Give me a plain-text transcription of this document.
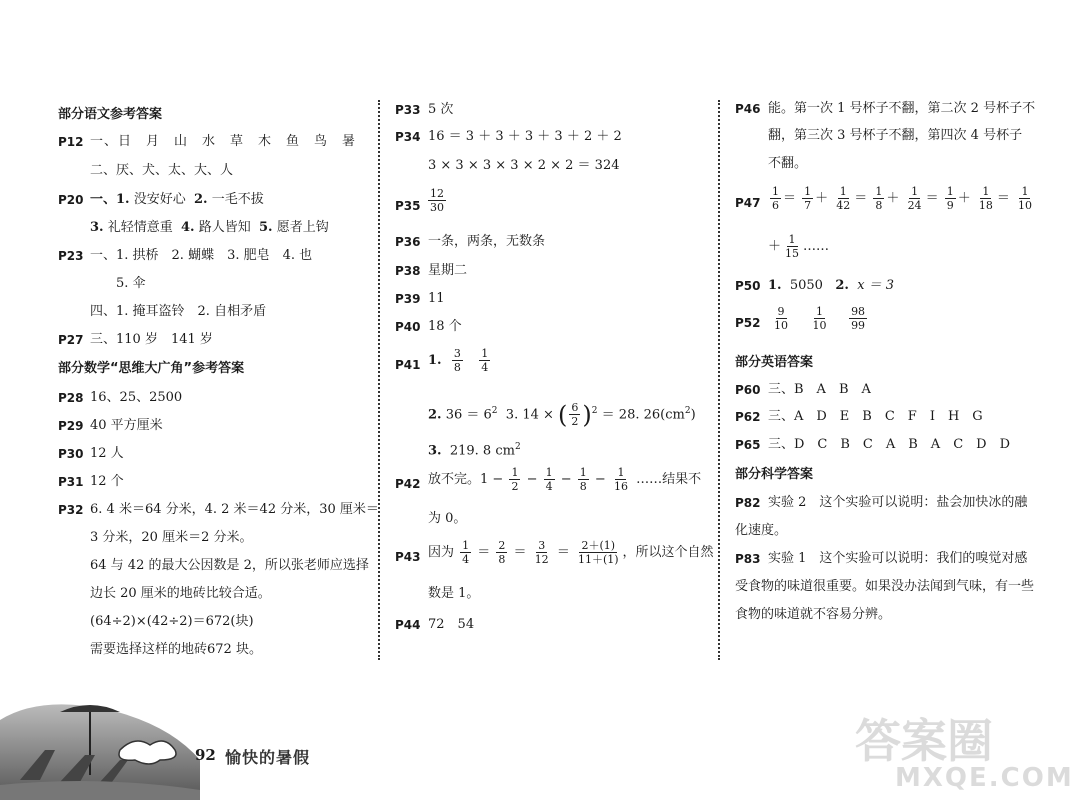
部分语文参考答案
P12 一、日　月　山　水　草　木　鱼　鸟　暑
二、厌、犬、太、大、人
P20 一、1. 没安好心 2. 一毛不拔
3. 礼轻情意重 4. 路人皆知 5. 愿者上钩
P23 一、1. 拱桥　2. 蝴蝶　3. 肥皂　4. 也
5. 伞
四、1. 掩耳盗铃　2. 自相矛盾
P27 三、110 岁　141 岁
部分数学“思维大广角”参考答案
P28 16、25、2500
P29 40 平方厘米
P30 12 人
P31 12 个
P32 6. 4 米＝64 分米，4. 2 米＝42 分米，30 厘米＝
3 分米，20 厘米＝2 分米。
64 与 42 的最大公因数是 2，所以张老师应选择
边长 20 厘米的地砖比较合适。
(64÷2)×(42÷2)＝672(块)
需要选择这样的地砖672 块。
P33 5 次
P34 16 ＝ 3 ＋ 3 ＋ 3 ＋ 3 ＋ 2 ＋ 2
3 × 3 × 3 × 3 × 2 × 2 ＝ 324
$P35 \frac{12}{30}$
P36 一条，两条，无数条
P38 星期二
P39 11
P40 18 个
P41 1. $\frac{3}{8}$
$\frac{1}{4}$
2. $36 = 6^2$ 3. 14 × ( $\frac{6}{2} )^2 = 28$. $26(cm^2)$
3. 219. 8 $cm^2$
P42 放不完。$1 - \frac{1}{2} - \frac{1}{4} - \frac{1}{8} - \frac{1}{16}$ ……结果不
为 0。
P43 因为 $\frac{1}{4} = \frac{2}{8} = \frac{3}{12} = \frac{2+(1)}{11+(1)}$ ，所以这个自然
数是 1。
P44 72　54
P46 能。第一次 1 号杯子不翻，第二次 2 号杯子不
翻，第三次 3 号杯子不翻，第四次 4 号杯子
不翻。
$P47 \frac{1}{6} = \frac{1}{7} + \frac{1}{42} = \frac{1}{8} + \frac{1}{24} = \frac{1}{9} + \frac{1}{18} = \frac{1}{10}$
＋ $\frac{1}{15}$ ……
P50 1. 5050 2. x ＝ 3
$P52 \frac{9}{10}$
$\frac{1}{10}$
$\frac{98}{99}$
部分英语答案
P60 三、B　A　B　A
P62 三、A　D　E　B　C　F　I　H　G
P65 三、D　C　B　C　A　B　A　C　D　D
部分科学答案
P82 实验 2　这个实验可以说明：盐会加快冰的融
化速度。
P83 实验 1　这个实验可以说明：我们的嗅觉对感
受食物的味道很重要。如果没办法闻到气味，有一些
食物的味道就不容易分辨。
92 愉快的暑假	答案圈
MXQE.COM
